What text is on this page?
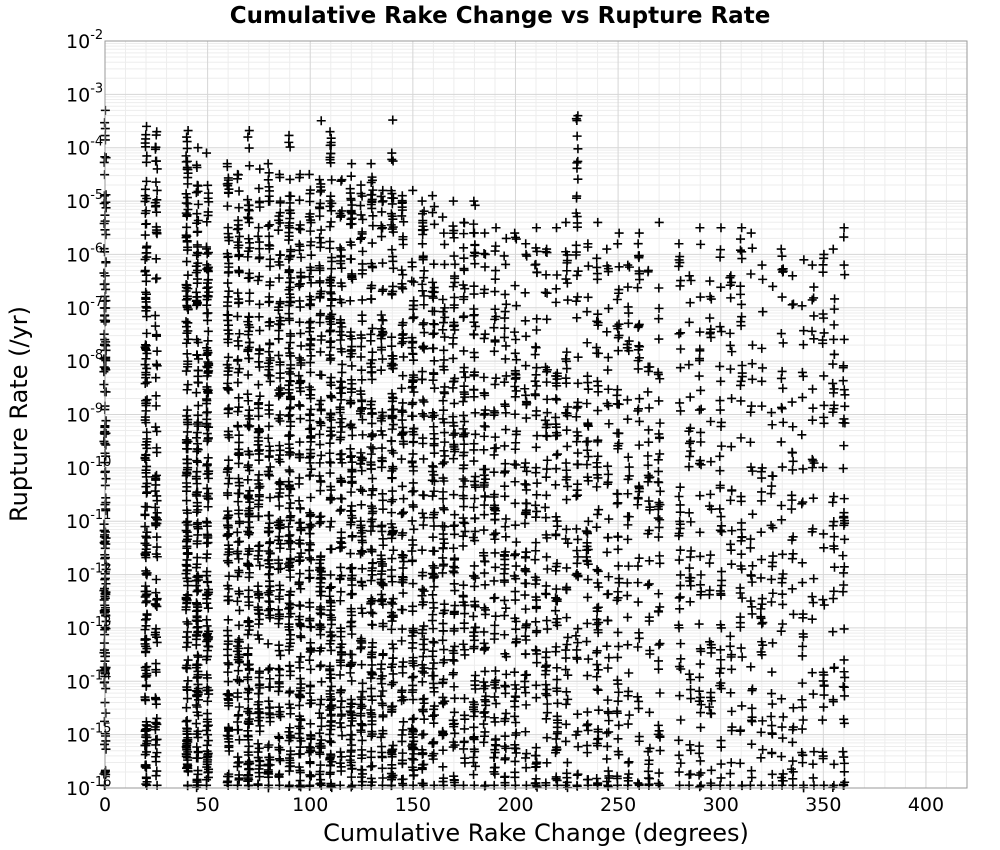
Cumulative Rake Change vs Rupture Rate
0	50	100	150	200	250	300	350	400
$10^{-2}$
$10^{-3}$
$10^{-4}$
$10^{-5}$
$10^{-6}$
$10^{-7}$
$10^{-8}$
$10^{-9}$
$10^{-10}$
$10^{-11}$
$10^{-12}$
$10^{-13}$
$10^{-14}$
$10^{-15}$
$10^{-16}$
Cumulative Rake Change (degrees)
Rupture Rate (/yr)
